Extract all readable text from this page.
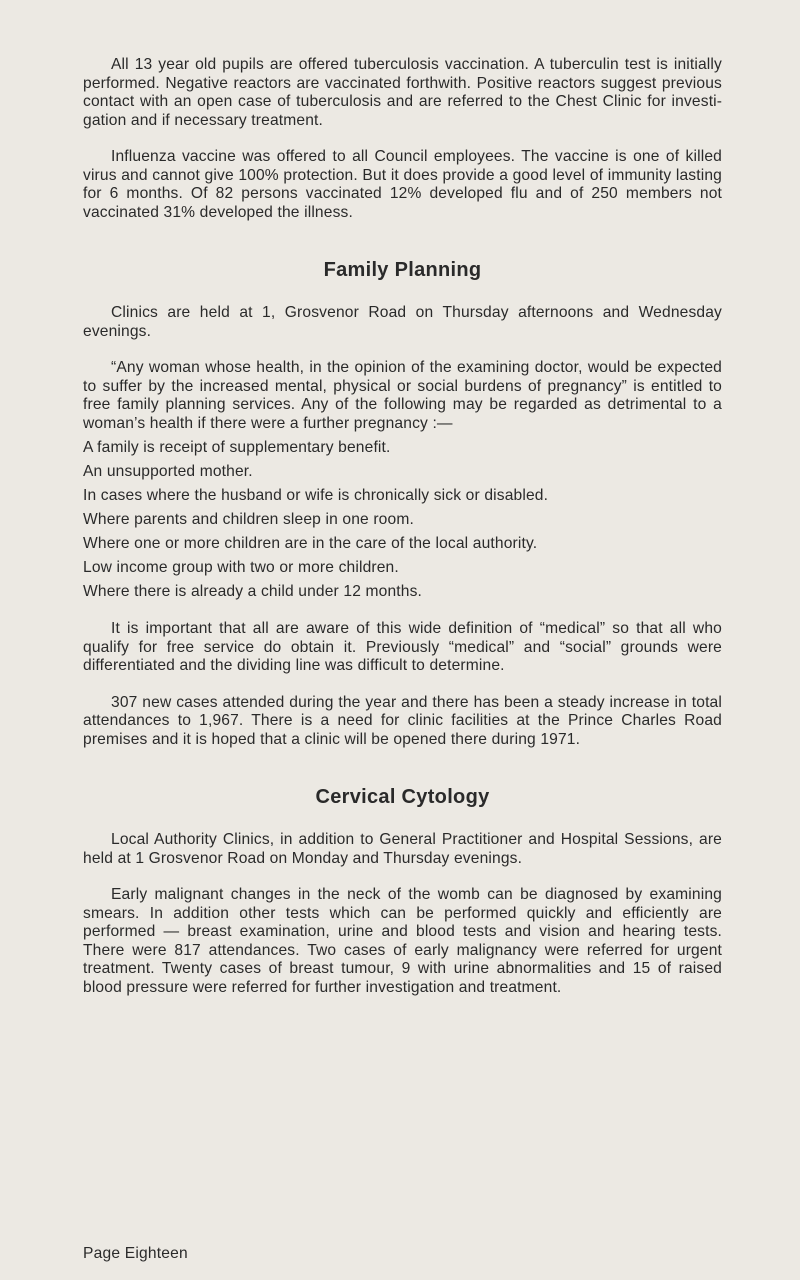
All 13 year old pupils are offered tuberculosis vaccination. A tuberculin test is initially performed. Negative reactors are vaccinated forthwith. Positive reactors suggest previous contact with an open case of tuberculosis and are referred to the Chest Clinic for investigation and if necessary treatment.

Influenza vaccine was offered to all Council employees. The vaccine is one of killed virus and cannot give 100% protection. But it does provide a good level of immunity lasting for 6 months. Of 82 persons vaccinated 12% developed flu and of 250 members not vaccinated 31% developed the illness.

Family Planning

Clinics are held at 1, Grosvenor Road on Thursday afternoons and Wednesday evenings.

“Any woman whose health, in the opinion of the examining doctor, would be expected to suffer by the increased mental, physical or social burdens of pregnancy” is entitled to free family planning services. Any of the following may be regarded as detrimental to a woman’s health if there were a further pregnancy :—

A family is receipt of supplementary benefit.

An unsupported mother.

In cases where the husband or wife is chronically sick or disabled.

Where parents and children sleep in one room.

Where one or more children are in the care of the local authority.

Low income group with two or more children.

Where there is already a child under 12 months.

It is important that all are aware of this wide definition of “medical” so that all who qualify for free service do obtain it. Previously “medical” and “social” grounds were differentiated and the dividing line was difficult to determine.

307 new cases attended during the year and there has been a steady increase in total attendances to 1,967. There is a need for clinic facilities at the Prince Charles Road premises and it is hoped that a clinic will be opened there during 1971.

Cervical Cytology

Local Authority Clinics, in addition to General Practitioner and Hospital Sessions, are held at 1 Grosvenor Road on Monday and Thursday evenings.

Early malignant changes in the neck of the womb can be diagnosed by examining smears. In addition other tests which can be performed quickly and efficiently are performed — breast examination, urine and blood tests and vision and hearing tests. There were 817 attendances. Two cases of early malignancy were referred for urgent treatment. Twenty cases of breast tumour, 9 with urine abnormalities and 15 of raised blood pressure were referred for further investigation and treatment.

Page Eighteen
